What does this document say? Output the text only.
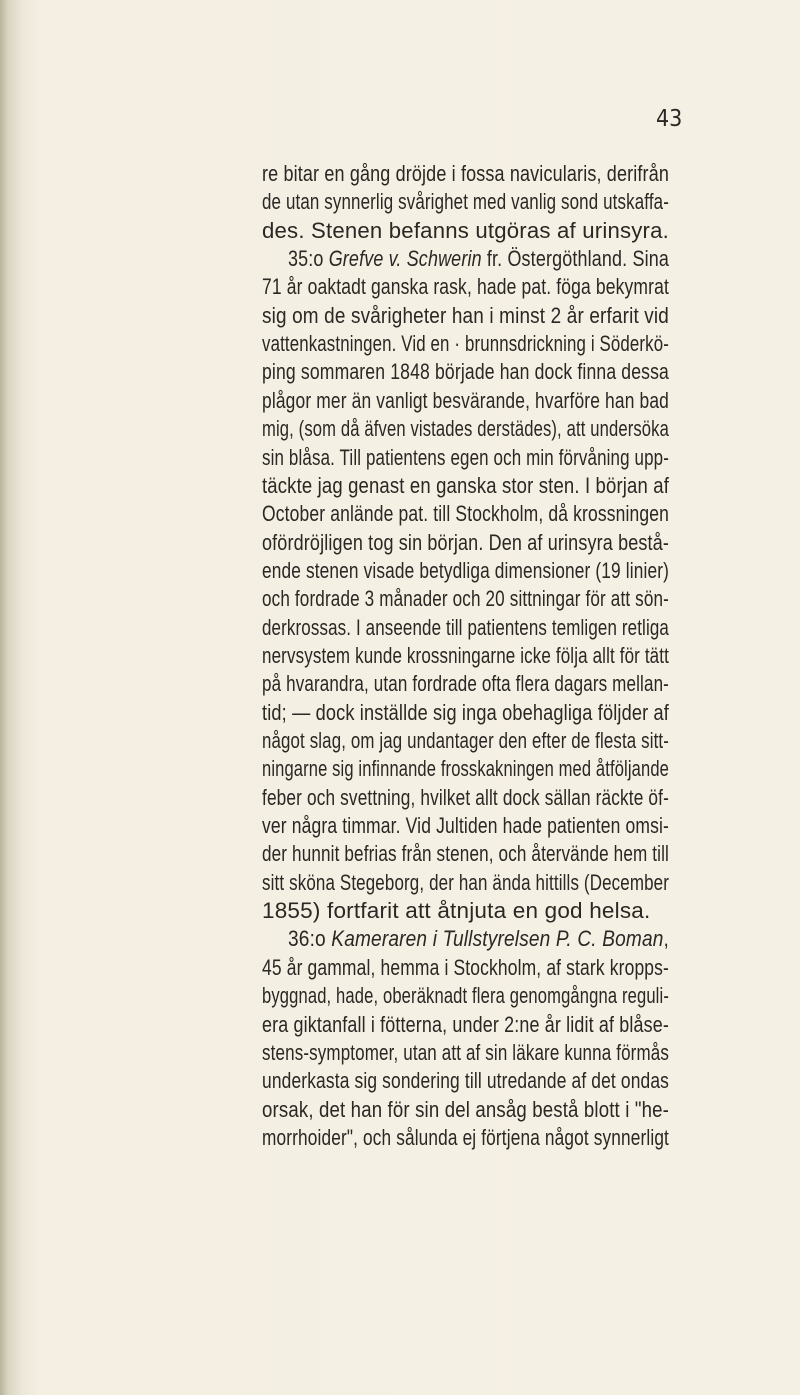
43
re bitar en gång dröjde i fossa navicularis, derifrån
de utan synnerlig svårighet med vanlig sond utskaffa-
des. Stenen befanns utgöras af urinsyra.
35:o Grefve v. Schwerin fr. Östergöthland. Sina
71 år oaktadt ganska rask, hade pat. föga bekymrat
sig om de svårigheter han i minst 2 år erfarit vid
vattenkastningen. Vid en · brunnsdrickning i Söderkö-
ping sommaren 1848 började han dock finna dessa
plågor mer än vanligt besvärande, hvarföre han bad
mig, (som då äfven vistades derstädes), att undersöka
sin blåsa. Till patientens egen och min förvåning upp-
täckte jag genast en ganska stor sten. I början af
October anlände pat. till Stockholm, då krossningen
ofördröjligen tog sin början. Den af urinsyra bestå-
ende stenen visade betydliga dimensioner (19 linier)
och fordrade 3 månader och 20 sittningar för att sön-
derkrossas. I anseende till patientens temligen retliga
nervsystem kunde krossningarne icke följa allt för tätt
på hvarandra, utan fordrade ofta flera dagars mellan-
tid; — dock inställde sig inga obehagliga följder af
något slag, om jag undantager den efter de flesta sitt-
ningarne sig infinnande frosskakningen med åtföljande
feber och svettning, hvilket allt dock sällan räckte öf-
ver några timmar. Vid Jultiden hade patienten omsi-
der hunnit befrias från stenen, och återvände hem till
sitt sköna Stegeborg, der han ända hittills (December
1855) fortfarit att åtnjuta en god helsa.
36:o Kameraren i Tullstyrelsen P. C. Boman,
45 år gammal, hemma i Stockholm, af stark kropps-
byggnad, hade, oberäknadt flera genomgångna reguli-
era giktanfall i fötterna, under 2:ne år lidit af blåse-
stens-symptomer, utan att af sin läkare kunna förmås
underkasta sig sondering till utredande af det ondas
orsak, det han för sin del ansåg bestå blott i "he-
morrhoider", och sålunda ej förtjena något synnerligt
